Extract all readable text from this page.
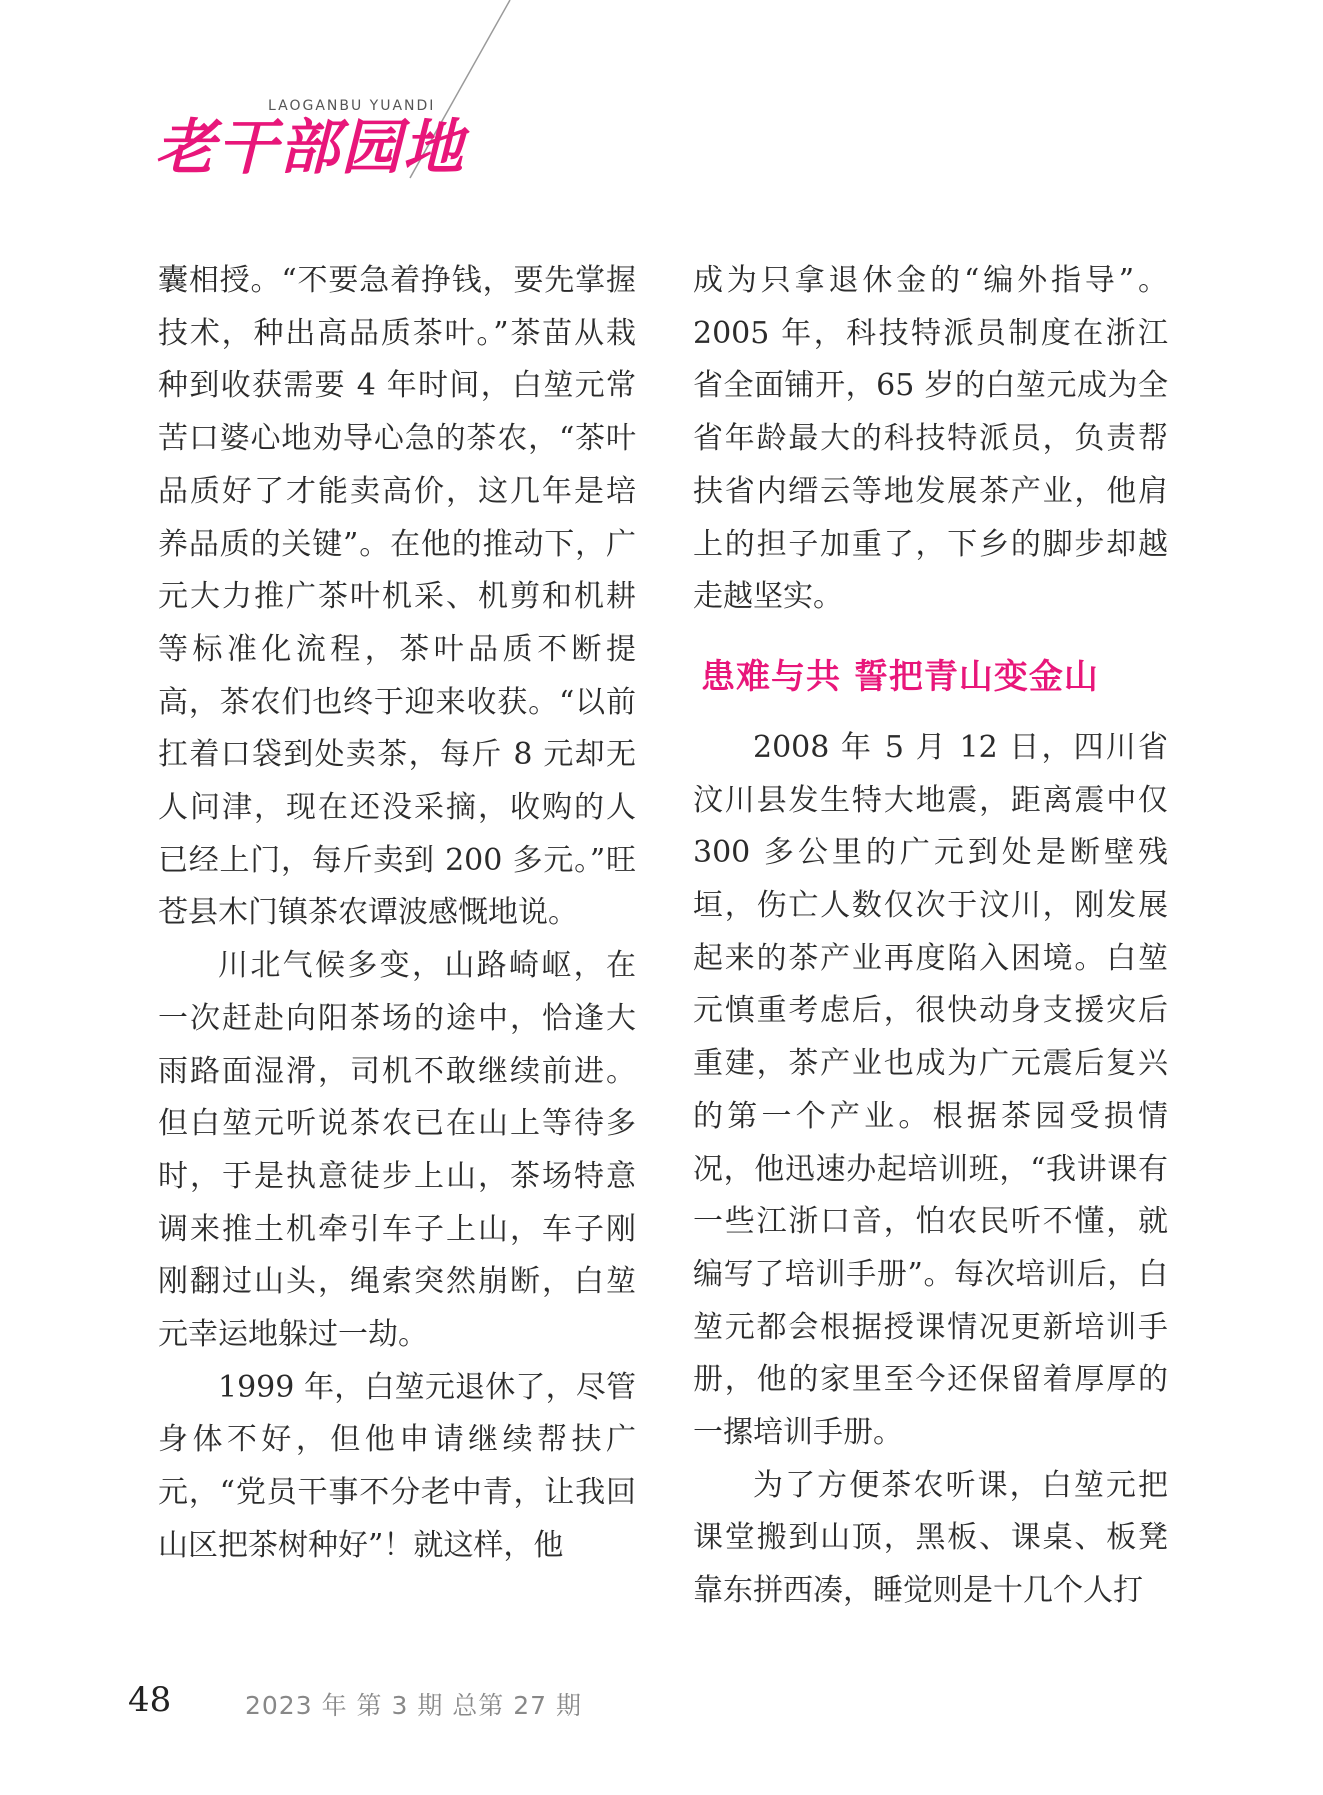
LAOGANBU YUANDI
老干部园地

囊相授。“不要急着挣钱，要先掌握技术，种出高品质茶叶。”茶苗从栽种到收获需要 4 年时间，白堃元常苦口婆心地劝导心急的茶农，“茶叶品质好了才能卖高价，这几年是培养品质的关键”。在他的推动下，广元大力推广茶叶机采、机剪和机耕等标准化流程，茶叶品质不断提高，茶农们也终于迎来收获。“以前扛着口袋到处卖茶，每斤 8 元却无人问津，现在还没采摘，收购的人已经上门，每斤卖到 200 多元。”旺苍县木门镇茶农谭波感慨地说。

川北气候多变，山路崎岖，在一次赶赴向阳茶场的途中，恰逢大雨路面湿滑，司机不敢继续前进。但白堃元听说茶农已在山上等待多时，于是执意徒步上山，茶场特意调来推土机牵引车子上山，车子刚刚翻过山头，绳索突然崩断，白堃元幸运地躲过一劫。

1999 年，白堃元退休了，尽管身体不好，但他申请继续帮扶广元，“党员干事不分老中青，让我回山区把茶树种好”！就这样，他

成为只拿退休金的“编外指导”。2005 年，科技特派员制度在浙江省全面铺开，65 岁的白堃元成为全省年龄最大的科技特派员，负责帮扶省内缙云等地发展茶产业，他肩上的担子加重了，下乡的脚步却越走越坚实。

患难与共 誓把青山变金山

2008 年 5 月 12 日，四川省汶川县发生特大地震，距离震中仅300 多公里的广元到处是断壁残垣，伤亡人数仅次于汶川，刚发展起来的茶产业再度陷入困境。白堃元慎重考虑后，很快动身支援灾后重建，茶产业也成为广元震后复兴的第一个产业。根据茶园受损情况，他迅速办起培训班，“我讲课有一些江浙口音，怕农民听不懂，就编写了培训手册”。每次培训后，白堃元都会根据授课情况更新培训手册，他的家里至今还保留着厚厚的一摞培训手册。

为了方便茶农听课，白堃元把课堂搬到山顶，黑板、课桌、板凳靠东拼西凑，睡觉则是十几个人打

48	2023 年 第 3 期 总第 27 期
